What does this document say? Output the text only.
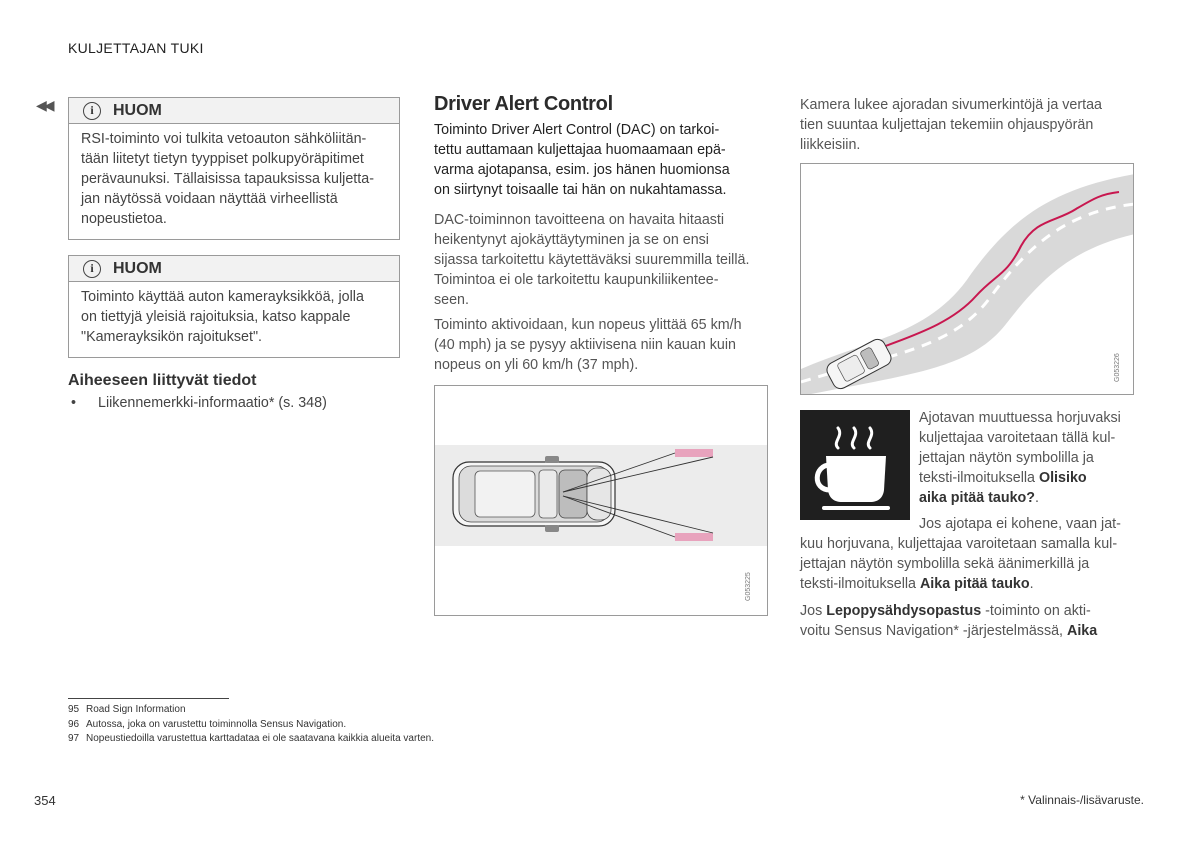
KULJETTAJAN TUKI
◀◀	i	HUOM
RSI-toiminto voi tulkita vetoauton sähköliitän-
tään liitetyt tietyn tyyppiset polkupyöräpitimet
perävaunuksi. Tällaisissa tapauksissa kuljetta-
jan näytössä voidaan näyttää virheellistä
nopeustietoa.
i	HUOM
Toiminto käyttää auton kamerayksikköä, jolla
on tiettyjä yleisiä rajoituksia, katso kappale
"Kamerayksikön rajoitukset".
Aiheeseen liittyvät tiedot
•	Liikennemerkki-informaatio* (s. 348)
Driver Alert Control
Toiminto Driver Alert Control (DAC) on tarkoi-
tettu auttamaan kuljettajaa huomaamaan epä-
varma ajotapansa, esim. jos hänen huomionsa
on siirtynyt toisaalle tai hän on nukahtamassa.
DAC-toiminnon tavoitteena on havaita hitaasti
heikentynyt ajokäyttäytyminen ja se on ensi
sijassa tarkoitettu käytettäväksi suuremmilla teillä.
Toimintoa ei ole tarkoitettu kaupunkiliikentee-
seen.
Toiminto aktivoidaan, kun nopeus ylittää 65 km/h
(40 mph) ja se pysyy aktiivisena niin kauan kuin
nopeus on yli 60 km/h (37 mph).
G053225
Kamera lukee ajoradan sivumerkintöjä ja vertaa
tien suuntaa kuljettajan tekemiin ohjauspyörän
liikkeisiin.
G053226
Ajotavan muuttuessa horjuvaksi
kuljettajaa varoitetaan tällä kul-
jettajan näytön symbolilla ja
teksti-ilmoituksella Olisiko
aika pitää tauko?.
Jos ajotapa ei kohene, vaan jat-
kuu horjuvana, kuljettajaa varoitetaan samalla kul-
jettajan näytön symbolilla sekä äänimerkillä ja
teksti-ilmoituksella Aika pitää tauko.
Jos Lepopysähdysopastus -toiminto on akti-
voitu Sensus Navigation* -järjestelmässä, Aika
95 Road Sign Information
96 Autossa, joka on varustettu toiminnolla Sensus Navigation.
97 Nopeustiedoilla varustettua karttadataa ei ole saatavana kaikkia alueita varten.
354	* Valinnais-/lisävaruste.
